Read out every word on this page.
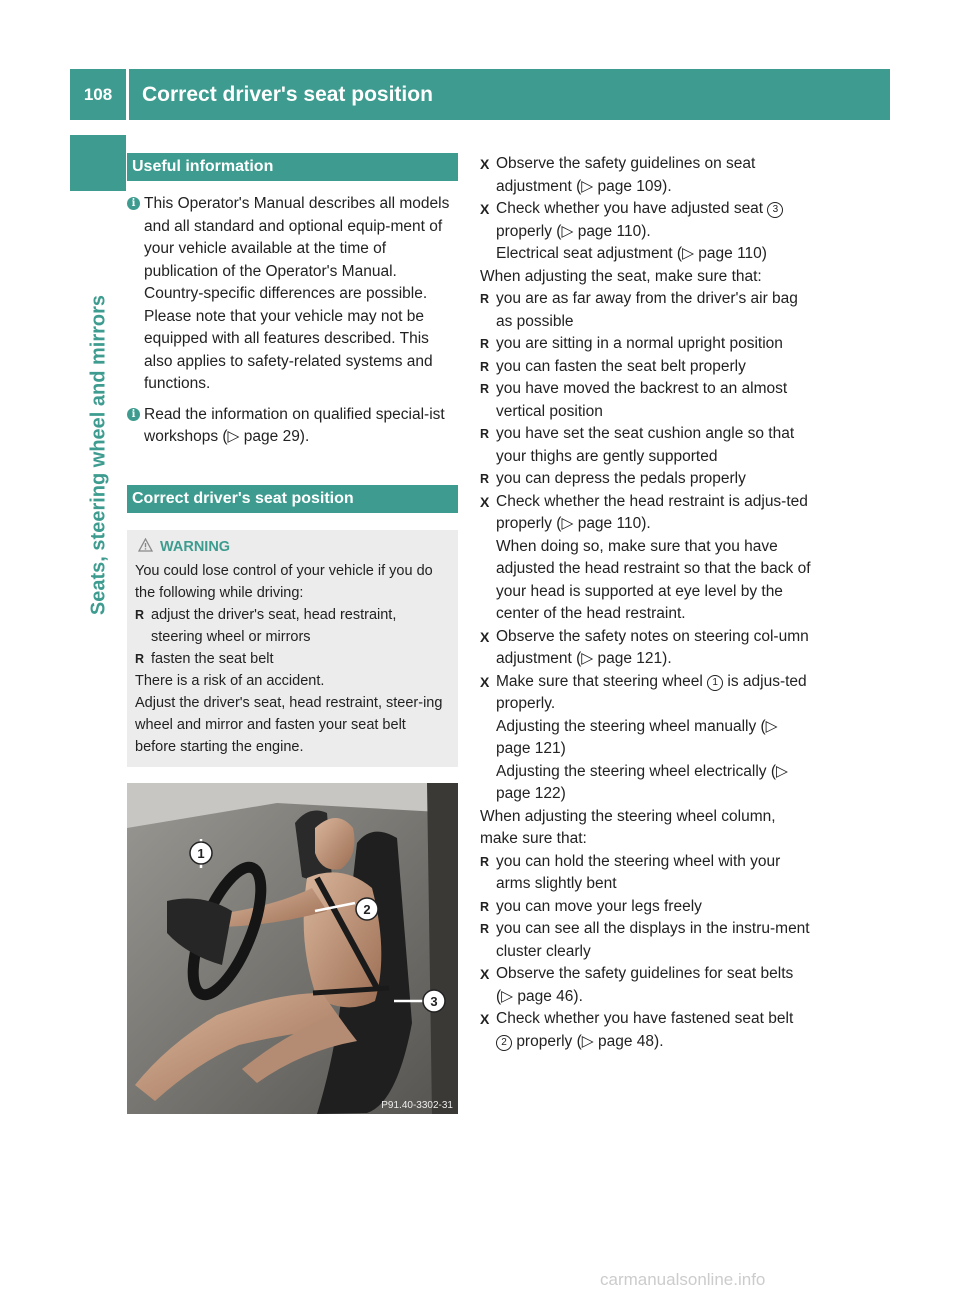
108	Correct driver's seat position
Seats, steering wheel and mirrors
Useful information

i This Operator's Manual describes all models and all standard and optional equip-ment of your vehicle available at the time of publication of the Operator's Manual. Country-specific differences are possible. Please note that your vehicle may not be equipped with all features described. This also applies to safety-related systems and functions.

i Read the information on qualified special-ist workshops (▷ page 29).

Correct driver's seat position
WARNING
You could lose control of your vehicle if you do the following while driving:
R adjust the driver's seat, head restraint, steering wheel or mirrors
R fasten the seat belt
There is a risk of an accident.
Adjust the driver's seat, head restraint, steer-ing wheel and mirror and fasten your seat belt before starting the engine.
1
2
3
P91.40-3302-31
X Observe the safety guidelines on seat adjustment (▷ page 109).
X Check whether you have adjusted seat 3 properly (▷ page 110).
Electrical seat adjustment (▷ page 110)
When adjusting the seat, make sure that:
R you are as far away from the driver's air bag as possible
R you are sitting in a normal upright position
R you can fasten the seat belt properly
R you have moved the backrest to an almost vertical position
R you have set the seat cushion angle so that your thighs are gently supported
R you can depress the pedals properly
X Check whether the head restraint is adjus-ted properly (▷ page 110).
When doing so, make sure that you have adjusted the head restraint so that the back of your head is supported at eye level by the center of the head restraint.
X Observe the safety notes on steering col-umn adjustment (▷ page 121).
X Make sure that steering wheel 1 is adjus-ted properly.
Adjusting the steering wheel manually (▷ page 121)
Adjusting the steering wheel electrically (▷ page 122)
When adjusting the steering wheel column, make sure that:
R you can hold the steering wheel with your arms slightly bent
R you can move your legs freely
R you can see all the displays in the instru-ment cluster clearly
X Observe the safety guidelines for seat belts (▷ page 46).
X Check whether you have fastened seat belt 2 properly (▷ page 48).
carmanualsonline.info
